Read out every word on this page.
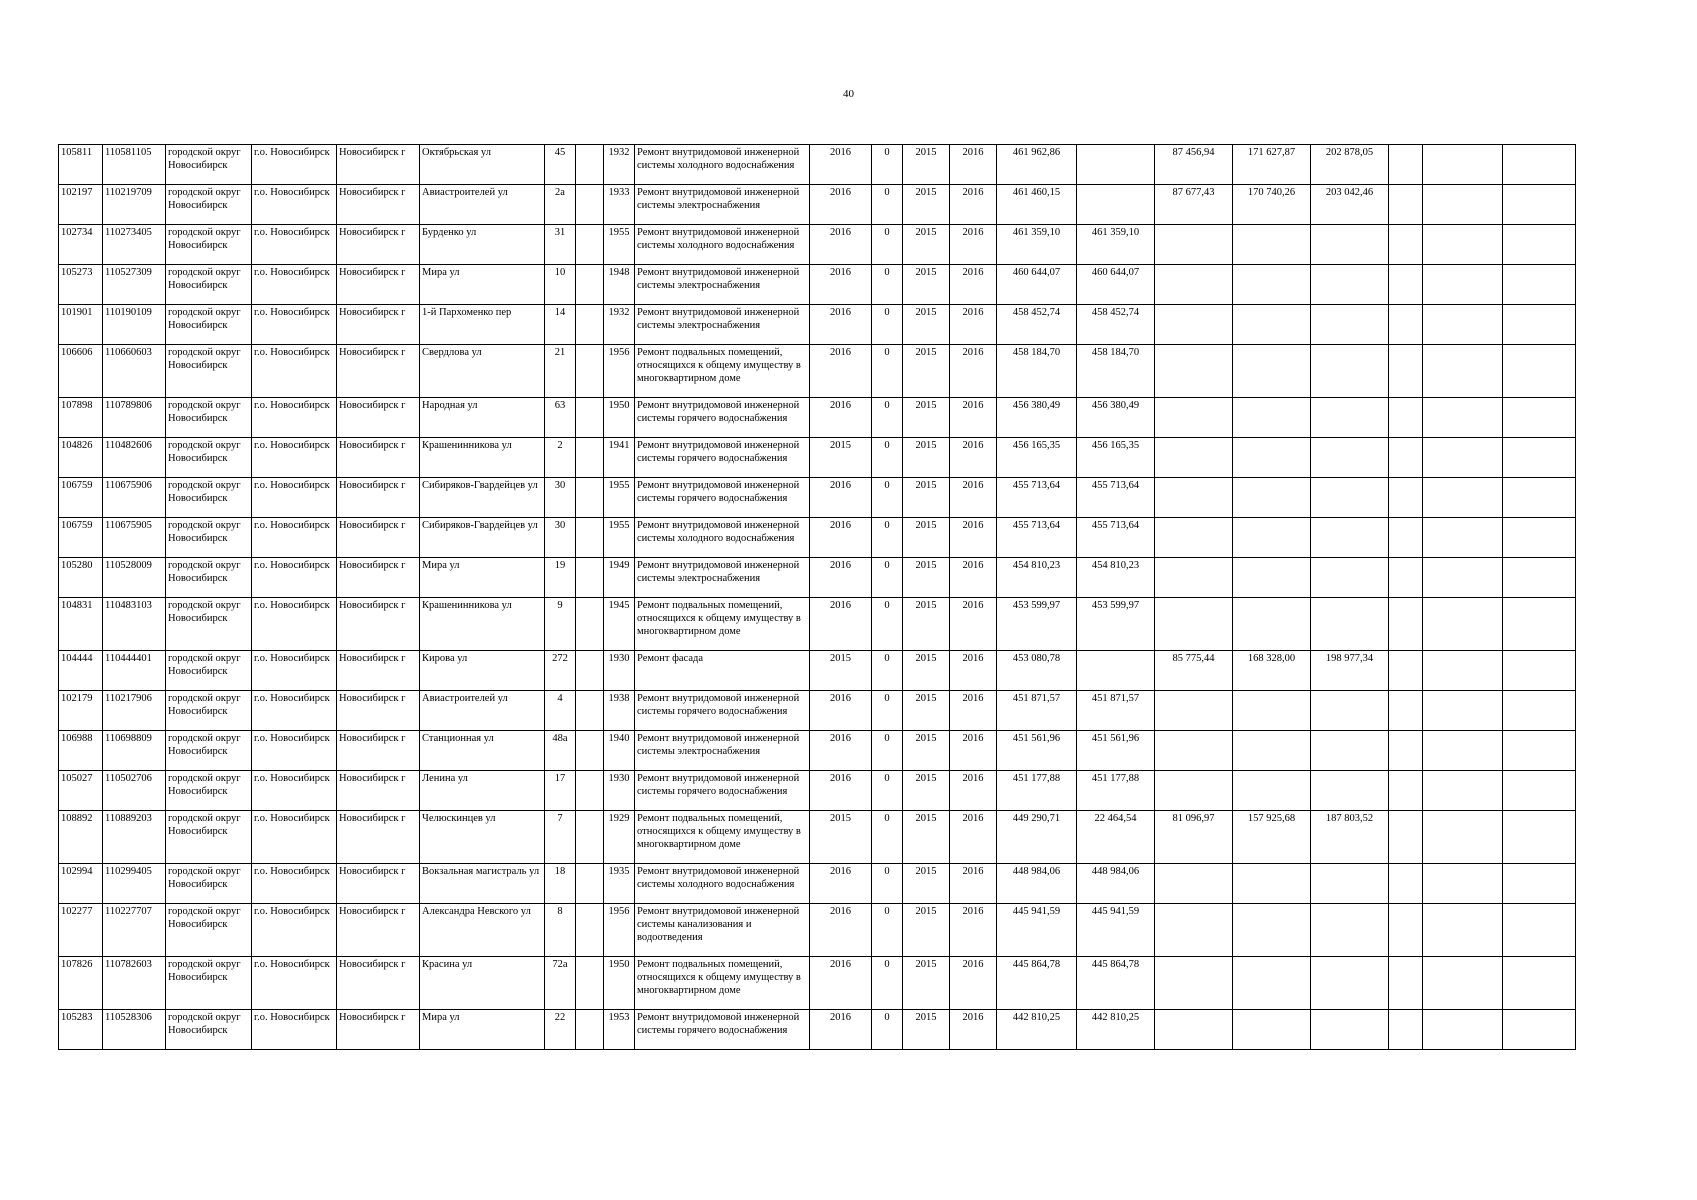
40
105811	110581105	городской округ Новосибирск	г.о. Новосибирск	Новосибирск г	Октябрьская ул	45		1932	Ремонт внутридомовой инженерной системы холодного водоснабжения	2016	0	2015	2016	461 962,86		87 456,94	171 627,87	202 878,05			
102197	110219709	городской округ Новосибирск	г.о. Новосибирск	Новосибирск г	Авиастроителей ул	2а		1933	Ремонт внутридомовой инженерной системы электроснабжения	2016	0	2015	2016	461 460,15		87 677,43	170 740,26	203 042,46			
102734	110273405	городской округ Новосибирск	г.о. Новосибирск	Новосибирск г	Бурденко ул	31		1955	Ремонт внутридомовой инженерной системы холодного водоснабжения	2016	0	2015	2016	461 359,10	461 359,10						
105273	110527309	городской округ Новосибирск	г.о. Новосибирск	Новосибирск г	Мира ул	10		1948	Ремонт внутридомовой инженерной системы электроснабжения	2016	0	2015	2016	460 644,07	460 644,07						
101901	110190109	городской округ Новосибирск	г.о. Новосибирск	Новосибирск г	1-й Пархоменко пер	14		1932	Ремонт внутридомовой инженерной системы электроснабжения	2016	0	2015	2016	458 452,74	458 452,74						
106606	110660603	городской округ Новосибирск	г.о. Новосибирск	Новосибирск г	Свердлова ул	21		1956	Ремонт подвальных помещений, относящихся к общему имуществу в многоквартирном доме	2016	0	2015	2016	458 184,70	458 184,70						
107898	110789806	городской округ Новосибирск	г.о. Новосибирск	Новосибирск г	Народная ул	63		1950	Ремонт внутридомовой инженерной системы горячего водоснабжения	2016	0	2015	2016	456 380,49	456 380,49						
104826	110482606	городской округ Новосибирск	г.о. Новосибирск	Новосибирск г	Крашенинникова ул	2		1941	Ремонт внутридомовой инженерной системы горячего водоснабжения	2015	0	2015	2016	456 165,35	456 165,35						
106759	110675906	городской округ Новосибирск	г.о. Новосибирск	Новосибирск г	Сибиряков-Гвардейцев ул	30		1955	Ремонт внутридомовой инженерной системы горячего водоснабжения	2016	0	2015	2016	455 713,64	455 713,64						
106759	110675905	городской округ Новосибирск	г.о. Новосибирск	Новосибирск г	Сибиряков-Гвардейцев ул	30		1955	Ремонт внутридомовой инженерной системы холодного водоснабжения	2016	0	2015	2016	455 713,64	455 713,64						
105280	110528009	городской округ Новосибирск	г.о. Новосибирск	Новосибирск г	Мира ул	19		1949	Ремонт внутридомовой инженерной системы электроснабжения	2016	0	2015	2016	454 810,23	454 810,23						
104831	110483103	городской округ Новосибирск	г.о. Новосибирск	Новосибирск г	Крашенинникова ул	9		1945	Ремонт подвальных помещений, относящихся к общему имуществу в многоквартирном доме	2016	0	2015	2016	453 599,97	453 599,97						
104444	110444401	городской округ Новосибирск	г.о. Новосибирск	Новосибирск г	Кирова ул	272		1930	Ремонт фасада	2015	0	2015	2016	453 080,78		85 775,44	168 328,00	198 977,34			
102179	110217906	городской округ Новосибирск	г.о. Новосибирск	Новосибирск г	Авиастроителей ул	4		1938	Ремонт внутридомовой инженерной системы горячего водоснабжения	2016	0	2015	2016	451 871,57	451 871,57						
106988	110698809	городской округ Новосибирск	г.о. Новосибирск	Новосибирск г	Станционная ул	48а		1940	Ремонт внутридомовой инженерной системы электроснабжения	2016	0	2015	2016	451 561,96	451 561,96						
105027	110502706	городской округ Новосибирск	г.о. Новосибирск	Новосибирск г	Ленина ул	17		1930	Ремонт внутридомовой инженерной системы горячего водоснабжения	2016	0	2015	2016	451 177,88	451 177,88						
108892	110889203	городской округ Новосибирск	г.о. Новосибирск	Новосибирск г	Челюскинцев ул	7		1929	Ремонт подвальных помещений, относящихся к общему имуществу в многоквартирном доме	2015	0	2015	2016	449 290,71	22 464,54	81 096,97	157 925,68	187 803,52			
102994	110299405	городской округ Новосибирск	г.о. Новосибирск	Новосибирск г	Вокзальная магистраль ул	18		1935	Ремонт внутридомовой инженерной системы холодного водоснабжения	2016	0	2015	2016	448 984,06	448 984,06						
102277	110227707	городской округ Новосибирск	г.о. Новосибирск	Новосибирск г	Александра Невского ул	8		1956	Ремонт внутридомовой инженерной системы канализования и водоотведения	2016	0	2015	2016	445 941,59	445 941,59						
107826	110782603	городской округ Новосибирск	г.о. Новосибирск	Новосибирск г	Красина ул	72а		1950	Ремонт подвальных помещений, относящихся к общему имуществу в многоквартирном доме	2016	0	2015	2016	445 864,78	445 864,78						
105283	110528306	городской округ Новосибирск	г.о. Новосибирск	Новосибирск г	Мира ул	22		1953	Ремонт внутридомовой инженерной системы горячего водоснабжения	2016	0	2015	2016	442 810,25	442 810,25						
